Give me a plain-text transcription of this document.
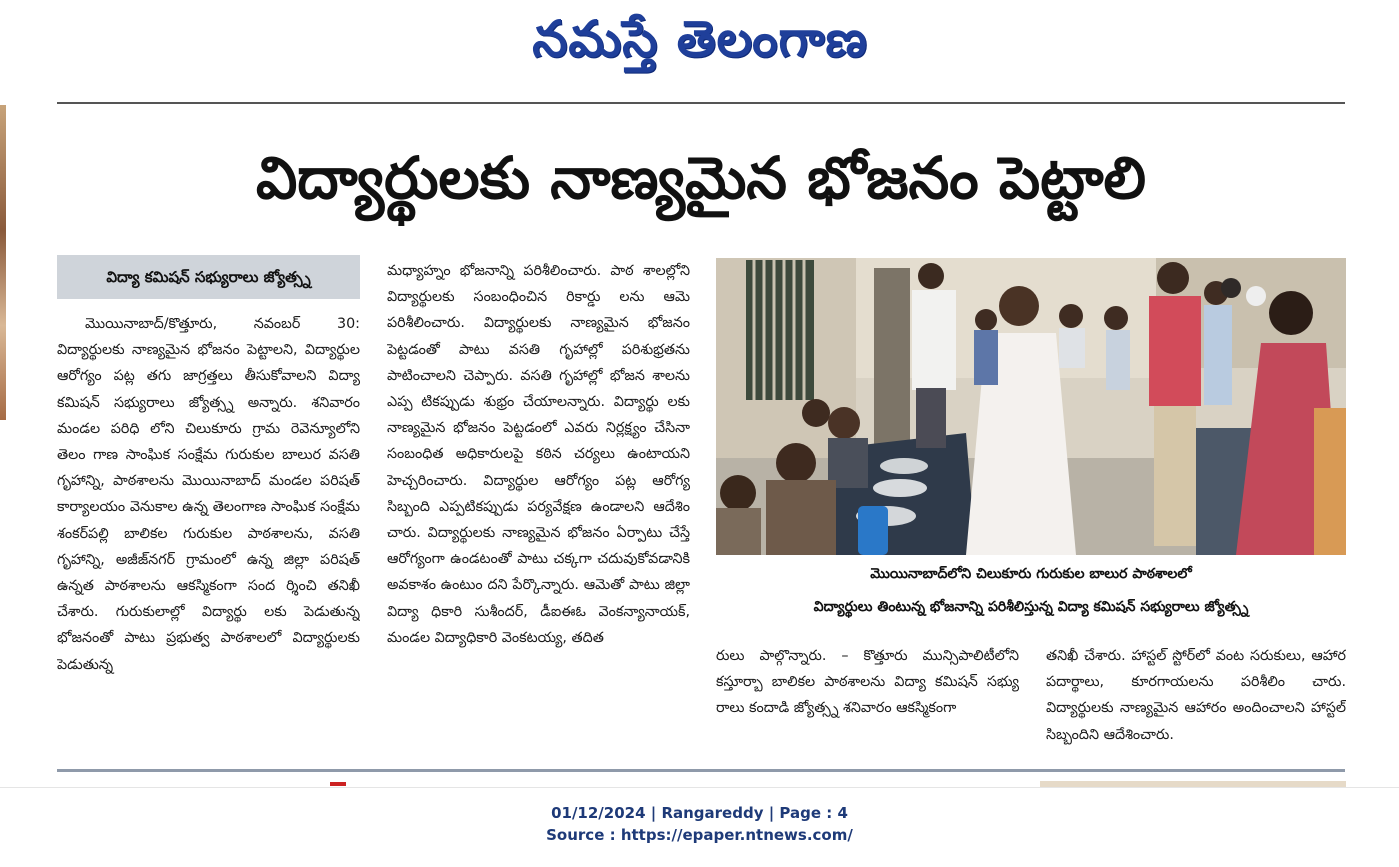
నమస్తే తెలంగాణ
విద్యార్థులకు నాణ్యమైన భోజనం పెట్టాలి
విద్యా కమిషన్ సభ్యురాలు జ్యోత్స్న
మొయినాబాద్/కొత్తూరు, నవంబర్ 30: విద్యార్థులకు నాణ్యమైన భోజనం పెట్టాలని, విద్యార్థుల ఆరోగ్యం పట్ల తగు జాగ్రత్తలు తీసుకోవాలని విద్యా కమిషన్ సభ్యురాలు జ్యోత్స్న అన్నారు. శనివారం మండల పరిధి లోని చిలుకూరు గ్రామ రెవెన్యూలోని తెలం గాణ సాంఘిక సంక్షేమ గురుకుల బాలుర వసతి గృహాన్ని, పాఠశాలను మొయినాబాద్ మండల పరిషత్ కార్యాలయం వెనుకాల ఉన్న తెలంగాణ సాంఘిక సంక్షేమ శంకర్‌పల్లి బాలికల గురుకుల పాఠశాలను, వసతి గృహాన్ని, అజీజ్‌నగర్ గ్రామంలో ఉన్న జిల్లా పరిషత్ ఉన్నత పాఠశాలను ఆకస్మికంగా సంద ర్శించి తనిఖీ చేశారు. గురుకులాల్లో విద్యార్థు లకు పెడుతున్న భోజనంతో పాటు ప్రభుత్వ పాఠశాలలో విద్యార్థులకు పెడుతున్న
మధ్యాహ్నం భోజనాన్ని పరిశీలించారు. పాఠ శాలల్లోని విద్యార్థులకు సంబంధించిన రికార్డు లను ఆమె పరిశీలించారు. విద్యార్థులకు నాణ్యమైన భోజనం పెట్టడంతో పాటు వసతి గృహాల్లో పరిశుభ్రతను పాటించాలని చెప్పారు. వసతి గృహాల్లో భోజన శాలను ఎప్ప టికప్పుడు శుభ్రం చేయాలన్నారు. విద్యార్థు లకు నాణ్యమైన భోజనం పెట్టడంలో ఎవరు నిర్లక్ష్యం చేసినా సంబంధిత అధికారులపై కఠిన చర్యలు ఉంటాయని హెచ్చరించారు. విద్యార్థుల ఆరోగ్యం పట్ల ఆరోగ్య సిబ్బంది ఎప్పటికప్పుడు పర్యవేక్షణ ఉండాలని ఆదేశిం చారు. విద్యార్థులకు నాణ్యమైన భోజనం ఏర్పాటు చేస్తే ఆరోగ్యంగా ఉండటంతో పాటు చక్కగా చదువుకోవడానికి అవకాశం ఉంటుం దని పేర్కొన్నారు. ఆమెతో పాటు జిల్లా విద్యా ధికారి సుశీందర్, డీఐఈఓ వెంకన్యానాయక్, మండల విద్యాధికారి వెంకటయ్య, తదిత
మొయినాబాద్‌లోని చిలుకూరు గురుకుల బాలుర పాఠశాలలో
విద్యార్థులు తింటున్న భోజనాన్ని పరిశీలిస్తున్న విద్యా కమిషన్ సభ్యురాలు జ్యోత్స్న
రులు పాల్గొన్నారు. – కొత్తూరు మున్సిపాలిటీలోని కస్తూర్బా బాలికల పాఠశాలను విద్యా కమిషన్ సభ్యు రాలు కందాడి జ్యోత్స్న శనివారం ఆకస్మికంగా
తనిఖీ చేశారు. హాస్టల్ స్టోర్‌లో వంట సరుకులు, ఆహార పదార్థాలు, కూరగాయలను పరిశీలిం చారు. విద్యార్థులకు నాణ్యమైన ఆహారం అందించాలని హాస్టల్ సిబ్బందిని ఆదేశించారు.
01/12/2024 | Rangareddy | Page : 4
Source : https://epaper.ntnews.com/
